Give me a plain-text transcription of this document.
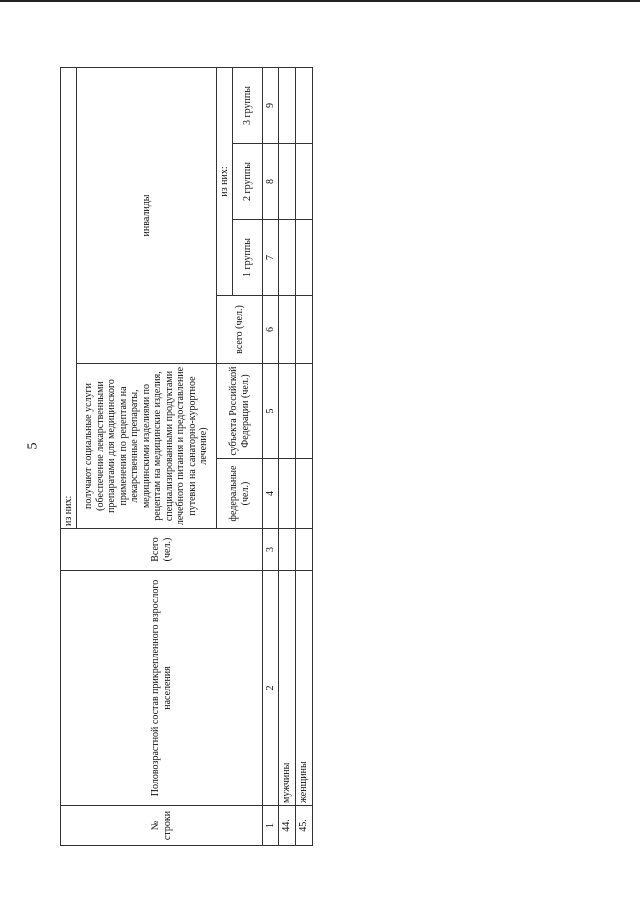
5
№ строки	Половозрастной состав прикрепленного взрослого населения	Всего (чел.)	из них:					
			получают социальные услуги (обеспечение лекарственными препаратами для медицинского применения по рецептам на лекарственные препараты, медицинскими изделиями по рецептам на медицинские изделия, специализированными продуктами лечебного питания и предоставление путевки на санаторно-курортное лечение)		инвалиды			
			федеральные (чел.)	субъекта Российской Федерации (чел.)	всего (чел.)	из них:		
						1 группы	2 группы	3 группы
1	2	3	4	5	6	7	8	9
44.	мужчины							
45.	женщины							
